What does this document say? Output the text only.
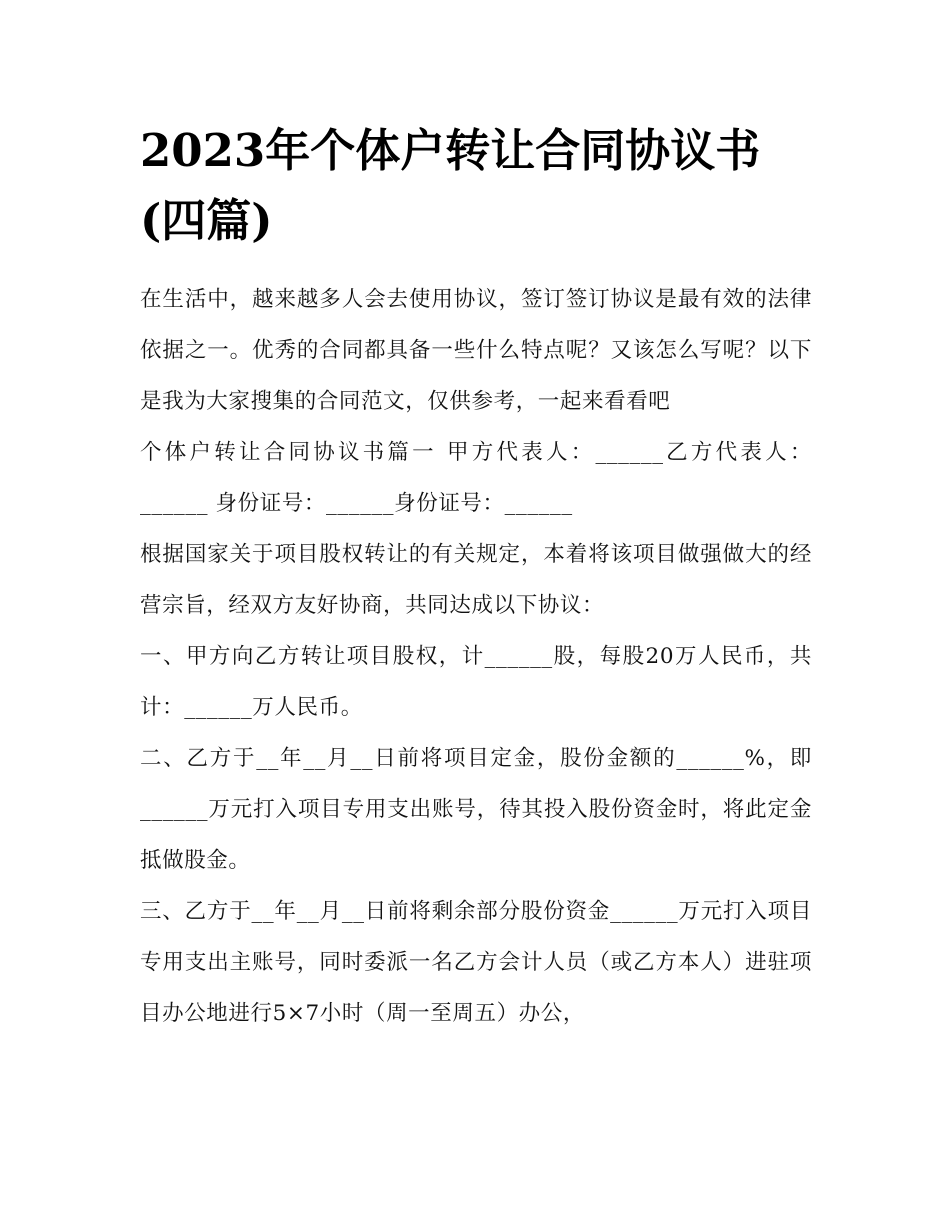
2023年个体户转让合同协议书(四篇)

在生活中，越来越多人会去使用协议，签订签订协议是最有效的法律依据之一。优秀的合同都具备一些什么特点呢？又该怎么写呢？以下是我为大家搜集的合同范文，仅供参考，一起来看看吧

个体户转让合同协议书篇一 甲方代表人：______乙方代表人：______ 身份证号：______身份证号：______

根据国家关于项目股权转让的有关规定，本着将该项目做强做大的经营宗旨，经双方友好协商，共同达成以下协议：

一、甲方向乙方转让项目股权，计______股，每股20万人民币，共计：______万人民币。

二、乙方于__年__月__日前将项目定金，股份金额的______%，即______万元打入项目专用支出账号，待其投入股份资金时，将此定金抵做股金。

三、乙方于__年__月__日前将剩余部分股份资金______万元打入项目专用支出主账号，同时委派一名乙方会计人员（或乙方本人）进驻项目办公地进行5×7小时（周一至周五）办公，
